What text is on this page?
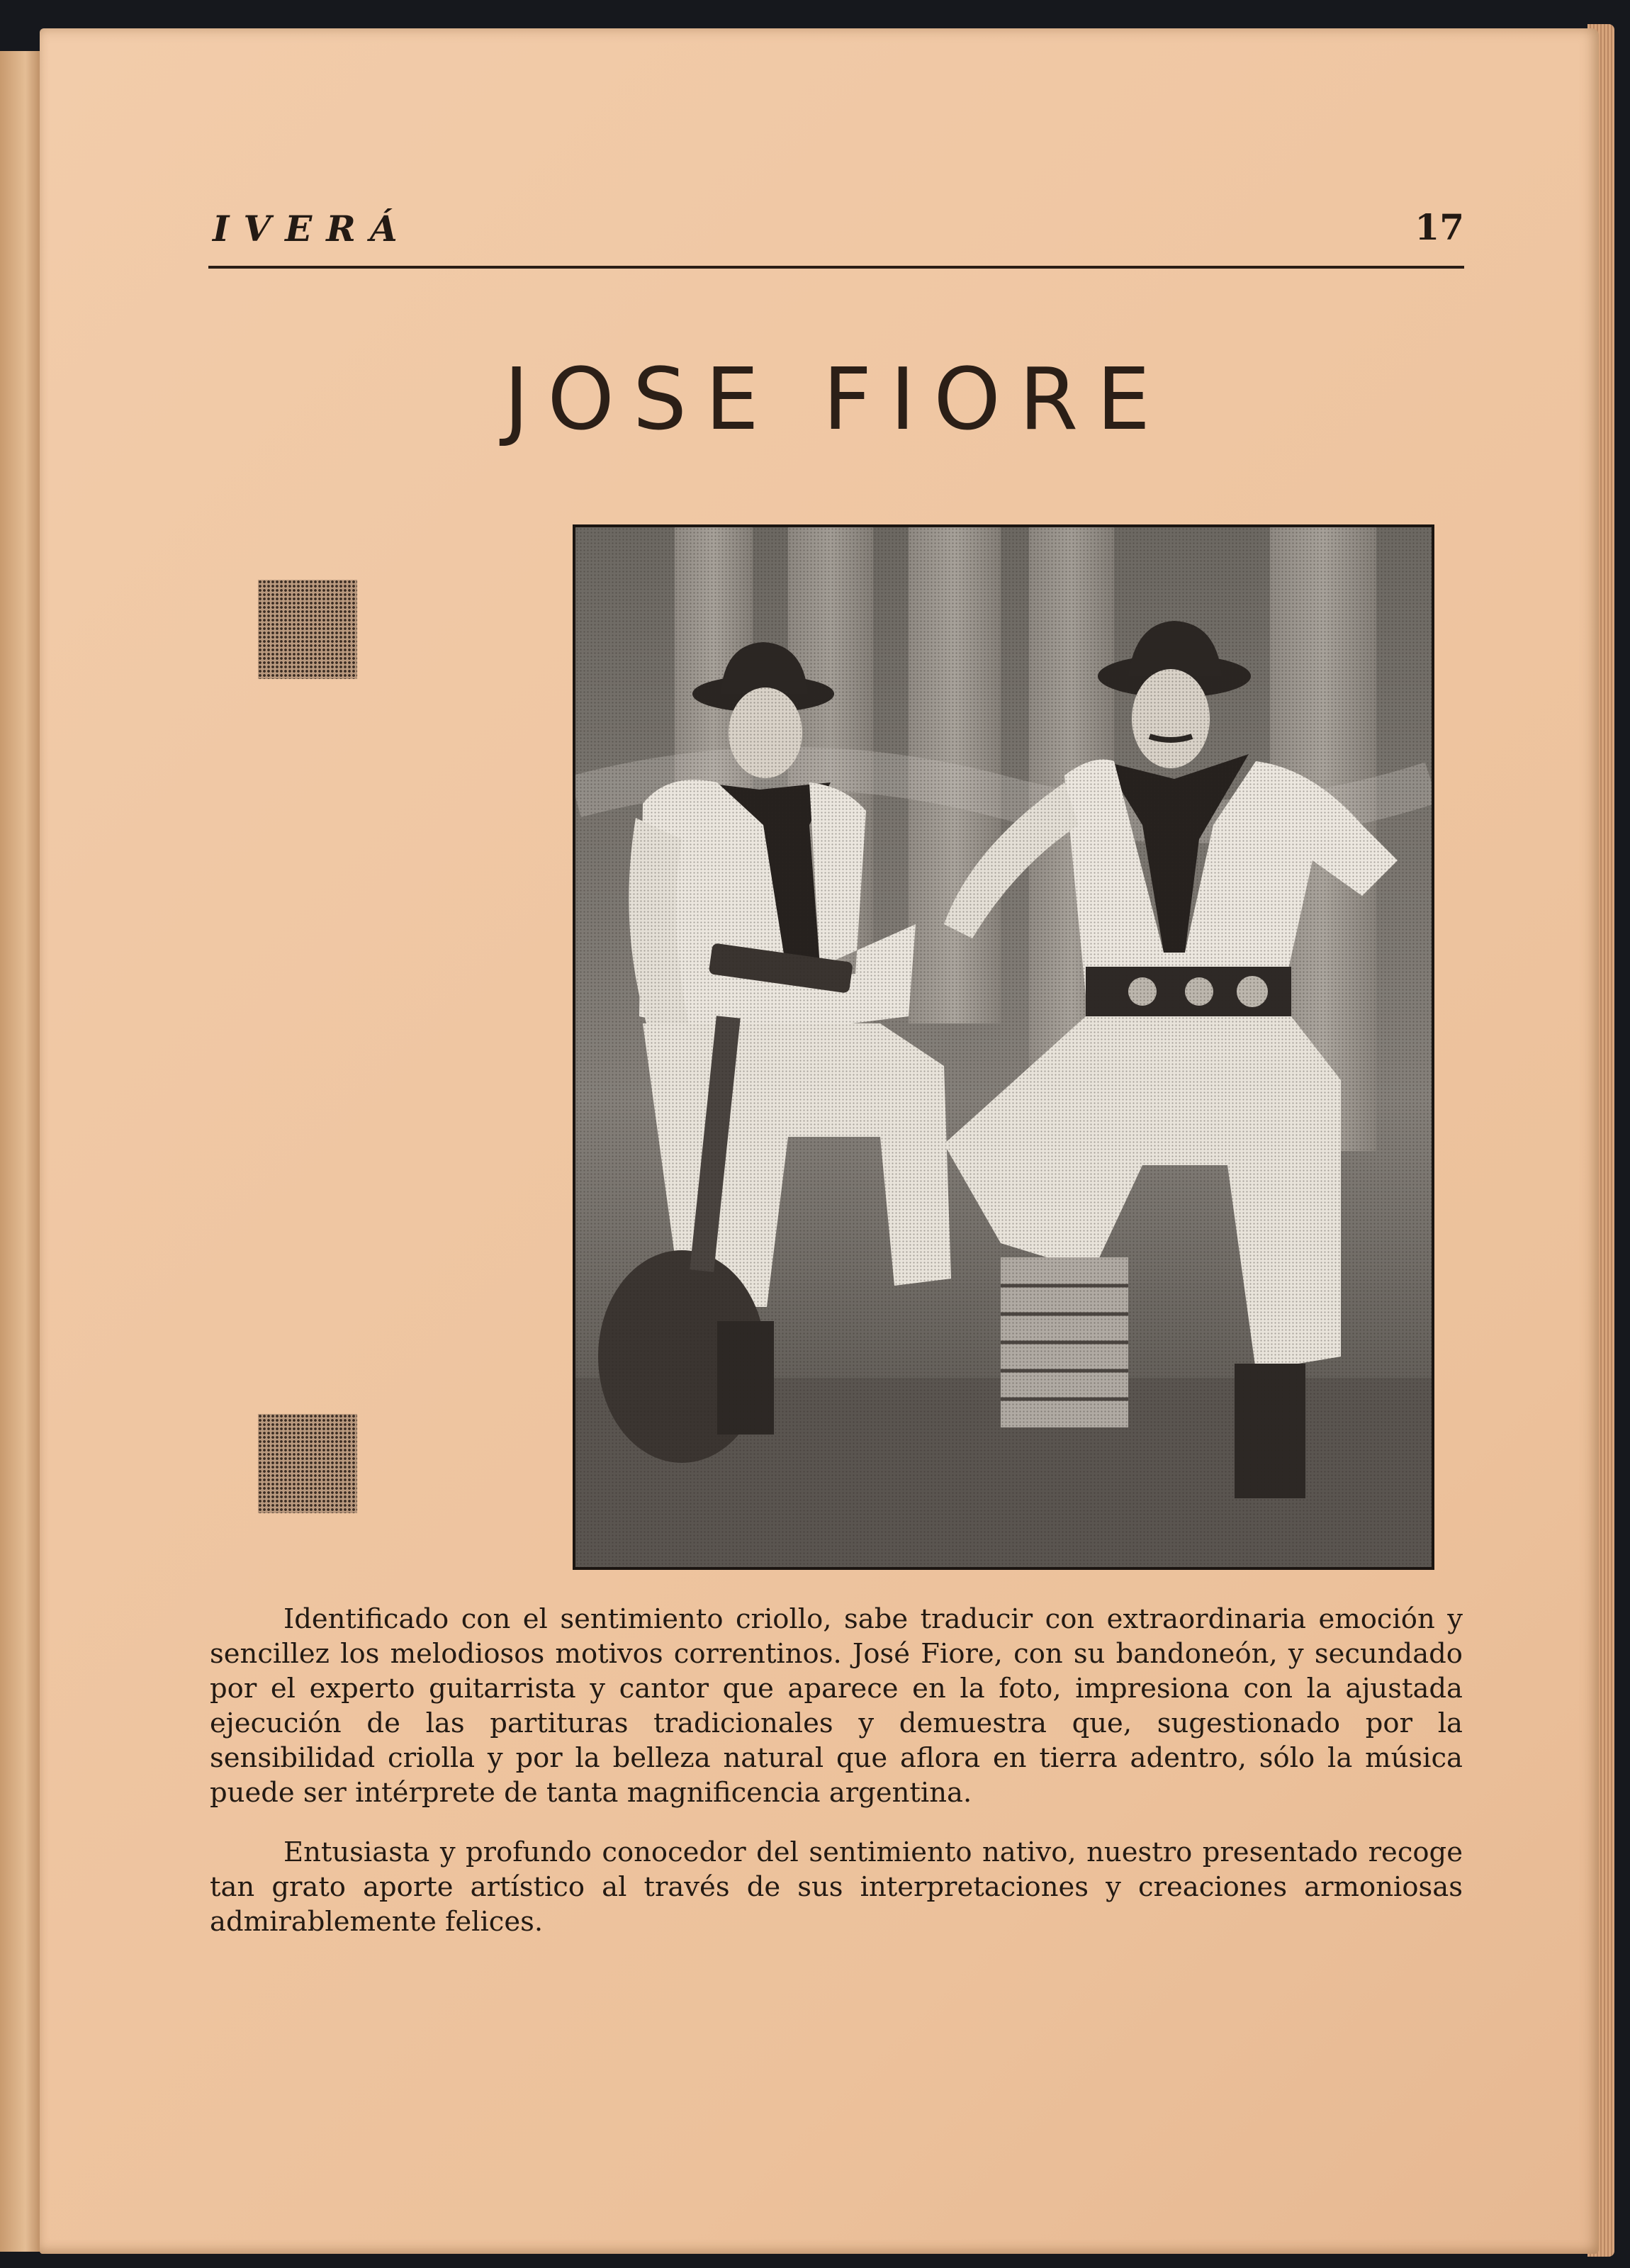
IVERÁ	17
JOSE FIORE

Identificado con el sentimiento criollo, sabe traducir con extraordinaria emoción y sencillez los melodiosos motivos correntinos. José Fiore, con su bandoneón, y secundado por el experto guitarrista y cantor que aparece en la foto, impresiona con la ajustada ejecución de las partituras tradicionales y demuestra que, sugestionado por la sensibilidad criolla y por la belleza natural que aflora en tierra adentro, sólo la música puede ser intérprete de tanta magnificencia argentina.

Entusiasta y profundo conocedor del sentimiento nativo, nuestro presentado recoge tan grato aporte artístico al través de sus interpretaciones y creaciones armoniosas admirablemente felices.
